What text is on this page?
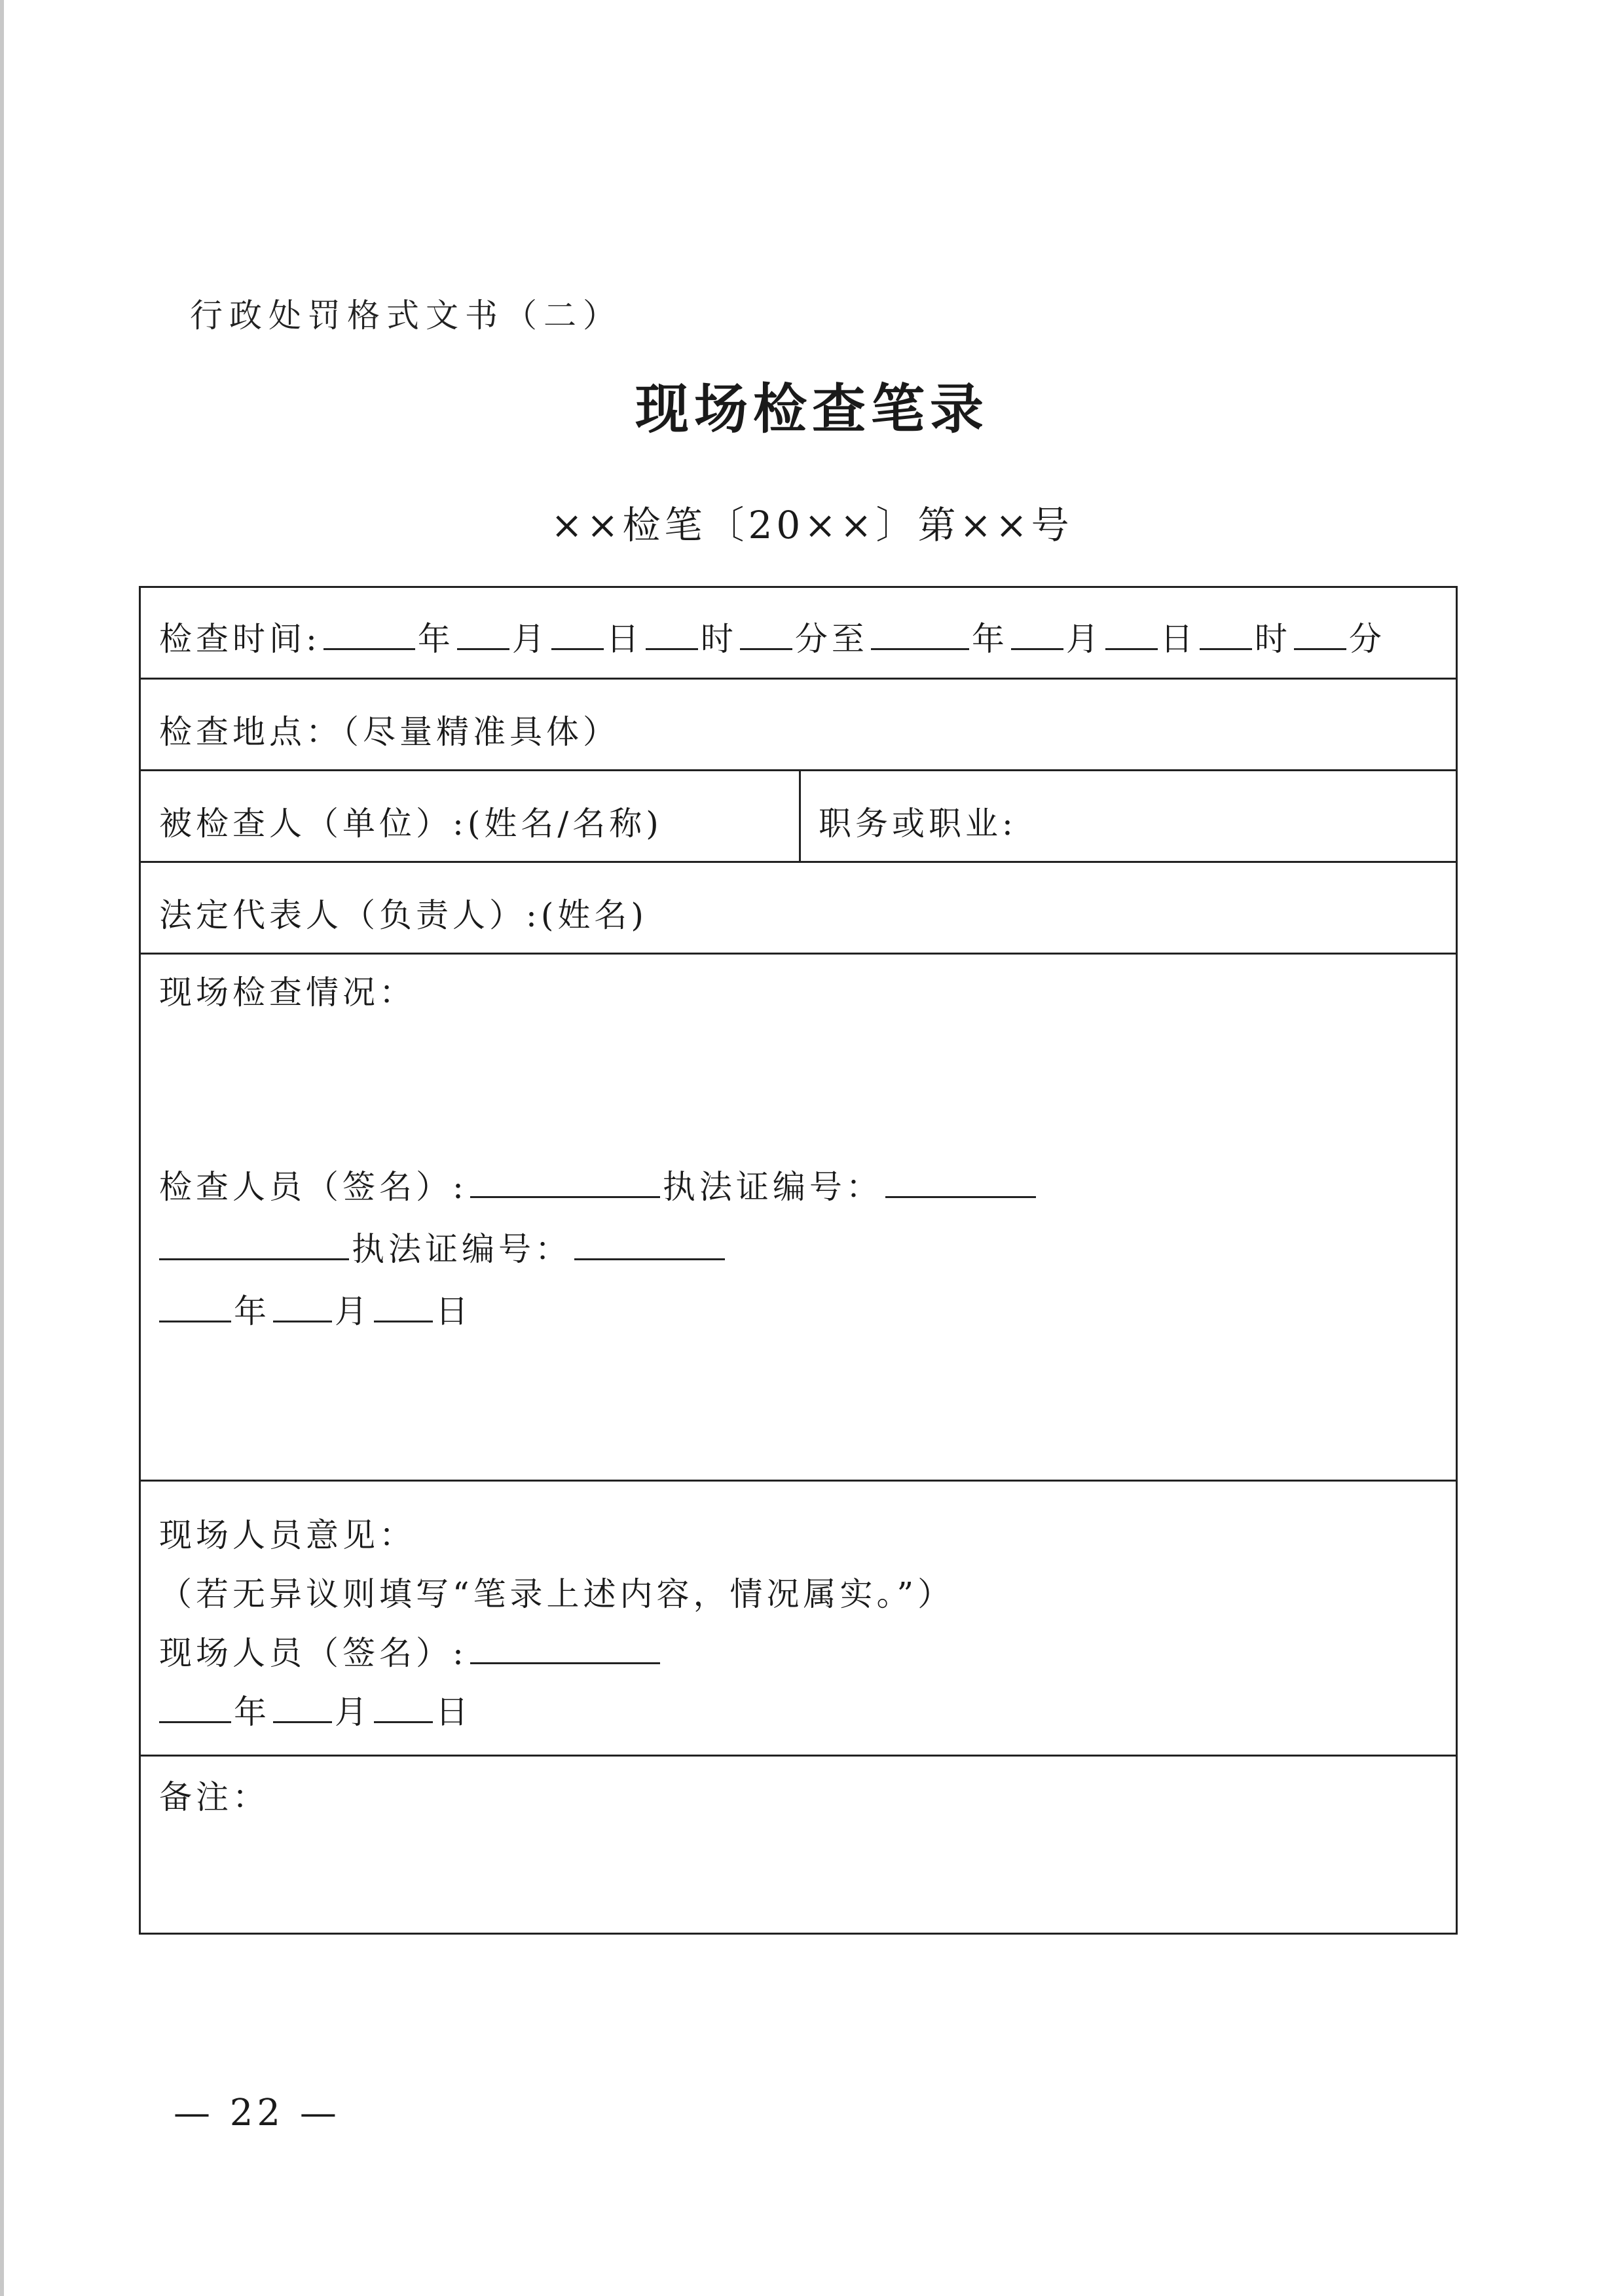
行政处罚格式文书（二）
现场检查笔录
××检笔〔20××〕第××号
检查时间:	年 月 日 时 分至	年 月 日 时 分
检查地点：（尽量精准具体）
被检查人（单位）:(姓名/名称)	职务或职业:
法定代表人（负责人）:(姓名)
现场检查情况：
检查人员（签名）:	执法证编号：
执法证编号：
年 月 日
现场人员意见：
（若无异议则填写“笔录上述内容，情况属实。”）
现场人员（签名）:
年 月 日
备注：
— 22 —
